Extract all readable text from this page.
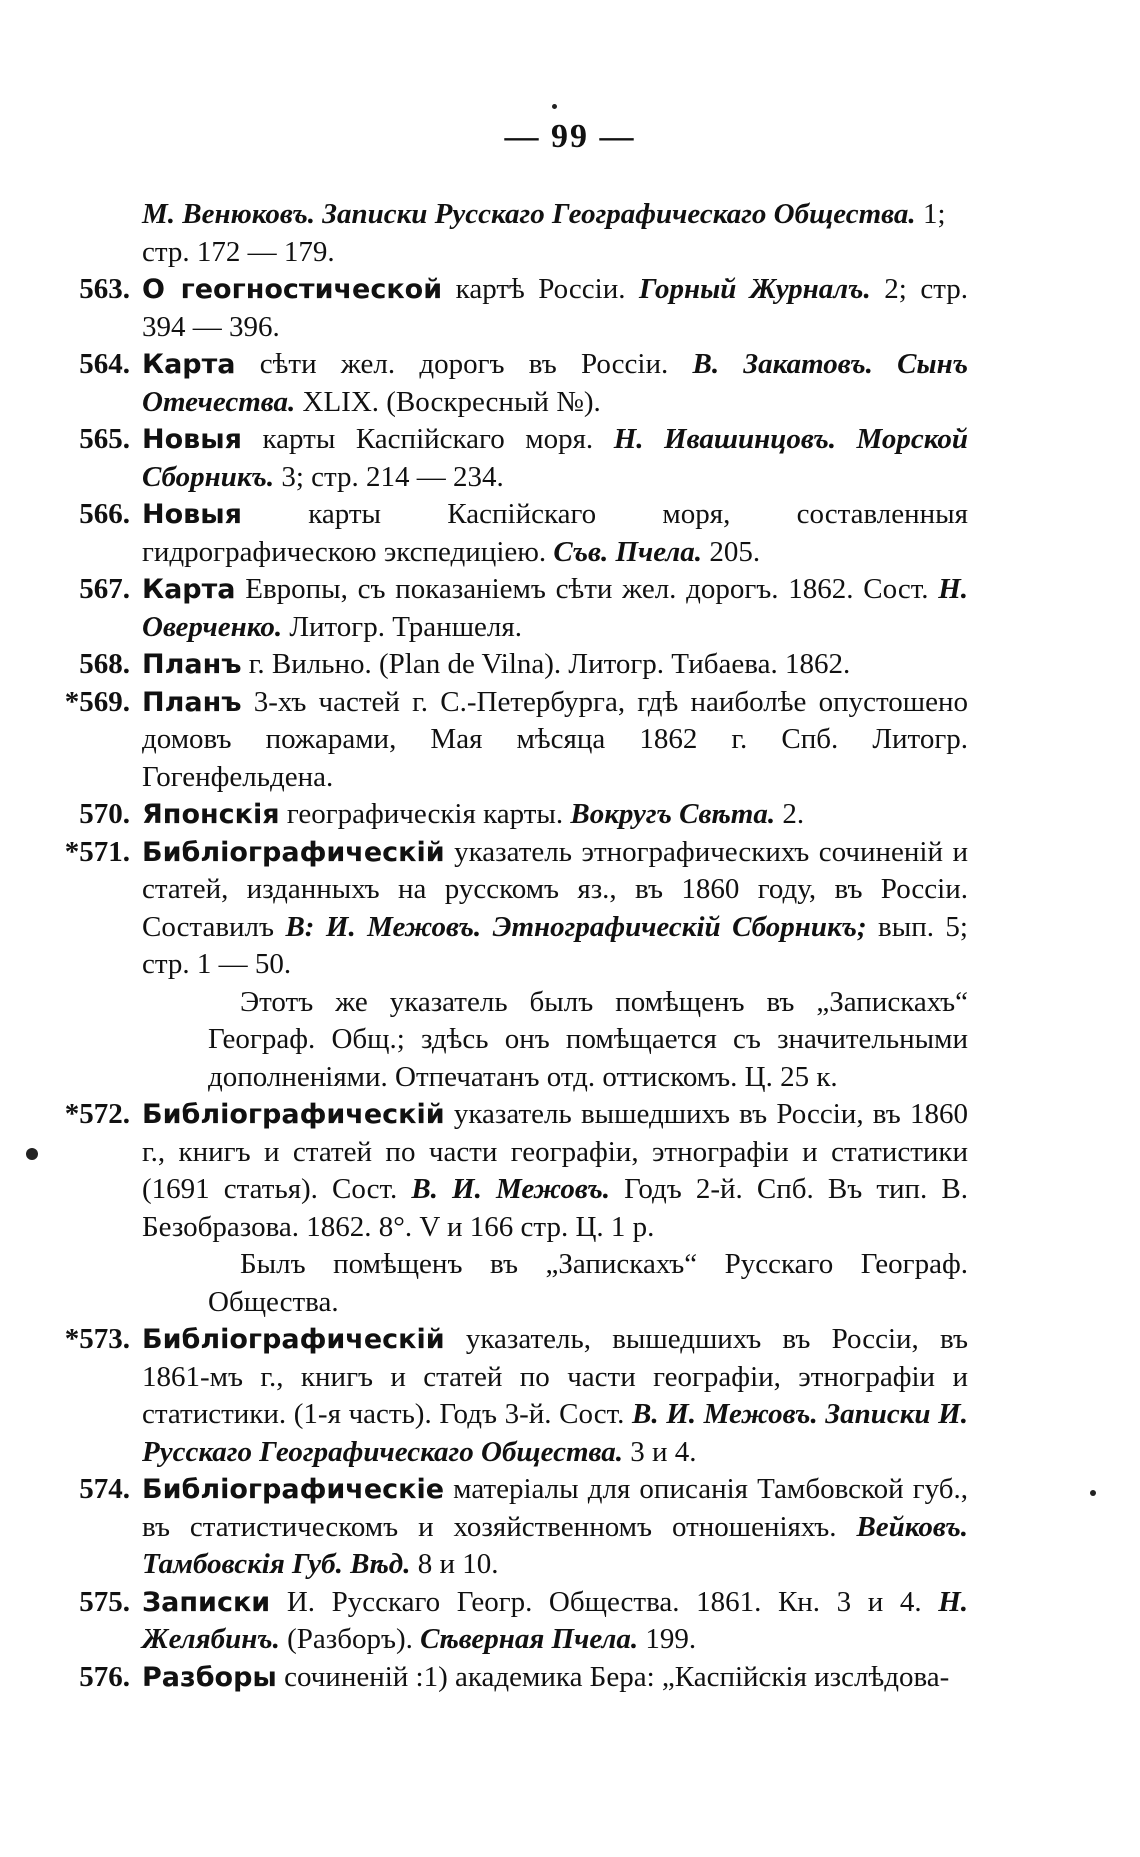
— 99 —
М. Венюковъ. Записки Русскаго Географическаго Общества. 1; стр. 172 — 179.
563. О геогностической картѣ Россіи. Горный Журналъ. 2; стр. 394 — 396.
564. Карта сѣти жел. дорогъ въ Россіи. В. Закатовъ. Сынъ Отечества. XLIX. (Воскресный №).
565. Новыя карты Каспійскаго моря. Н. Ивашинцовъ. Морской Сборникъ. 3; стр. 214 — 234.
566. Новыя карты Каспійскаго моря, составленныя гидрографическою экспедиціею. Съв. Пчела. 205.
567. Карта Европы, съ показаніемъ сѣти жел. дорогъ. 1862. Сост. Н. Оверченко. Литогр. Траншеля.
568. Планъ г. Вильно. (Plan de Vilna). Литогр. Тибаева. 1862.
*569. Планъ 3-хъ частей г. С.-Петербурга, гдѣ наиболѣе опустошено домовъ пожарами, Мая мѣсяца 1862 г. Спб. Литогр. Гогенфельдена.
570. Японскія географическія карты. Вокругъ Свѣта. 2.
*571. Библіографическій указатель этнографическихъ сочиненій и статей, изданныхъ на русскомъ яз., въ 1860 году, въ Россіи. Составилъ В: И. Межовъ. Этнографическій Сборникъ; вып. 5; стр. 1 — 50.
Этотъ же указатель былъ помѣщенъ въ „Запискахъ“ Географ. Общ.; здѣсь онъ помѣщается съ значительными дополненіями. Отпечатанъ отд. оттискомъ. Ц. 25 к.
*572. Библіографическій указатель вышедшихъ въ Россіи, въ 1860 г., книгъ и статей по части географіи, этнографіи и статистики (1691 статья). Сост. В. И. Межовъ. Годъ 2-й. Спб. Въ тип. В. Безобразова. 1862. 8°. V и 166 стр. Ц. 1 р.
Былъ помѣщенъ въ „Запискахъ“ Русскаго Географ. Общества.
*573. Библіографическій указатель, вышедшихъ въ Россіи, въ 1861-мъ г., книгъ и статей по части географіи, этнографіи и статистики. (1-я часть). Годъ 3-й. Сост. В. И. Межовъ. Записки И. Русскаго Географическаго Общества. 3 и 4.
574. Библіографическіе матеріалы для описанія Тамбовской губ., въ статистическомъ и хозяйственномъ отношеніяхъ. Вейковъ. Тамбовскія Губ. Вѣд. 8 и 10.
575. Записки И. Русскаго Геогр. Общества. 1861. Кн. 3 и 4. Н. Желябинъ. (Разборъ). Сѣверная Пчела. 199.
576. Разборы сочиненій :1) академика Бера: „Каспійскія изслѣдова-
